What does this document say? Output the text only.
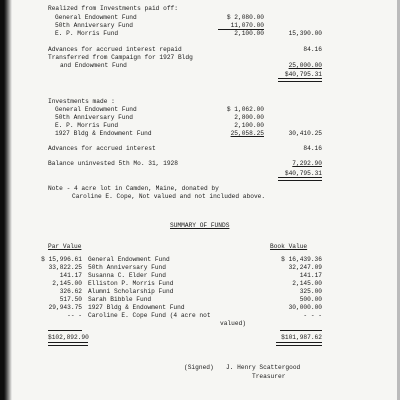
Realized from Investments paid off:
General Endowment Fund	$ 2,080.00
50th Anniversary Fund	11,070.00
E. P. Morris Fund	2,100.00	15,390.00
Advances for accrued interest repaid	84.16
Transferred from Campaign for 1927 Bldg
and Endowment Fund	25,000.00
$40,795.31
Investments made :
General Endowment Fund	$ 1,062.00
50th Anniversary Fund	2,800.00
E. P. Morris Fund	2,100.00
1927 Bldg & Endowment Fund	25,058.25	30,410.25
Advances for accrued interest	84.16
Balance uninvested 5th Mo. 31, 1928	7,292.90
$40,795.31
Note - 4 acre lot in Camden, Maine, donated by
Caroline E. Cope, Not valued and not included above.
SUMMARY OF FUNDS
Par Value	Book Value
$ 15,996.61 General Endowment Fund	$ 16,439.36
33,822.25 50th Anniversary Fund	32,247.09
141.17 Susanna C. Elder Fund	141.17
2,145.00 Elliston P. Morris Fund	2,145.00
326.62 Alumni Scholarship Fund	325.00
517.50 Sarah Bibble Fund	500.00
29,943.75 1927 Bldg & Endowment Fund	30,000.00
-- - Caroline E. Cope Fund (4 acre not	- - -
valued)
$102,892.90	$101,987.62
(Signed) J. Henry Scattergood
Treasurer
